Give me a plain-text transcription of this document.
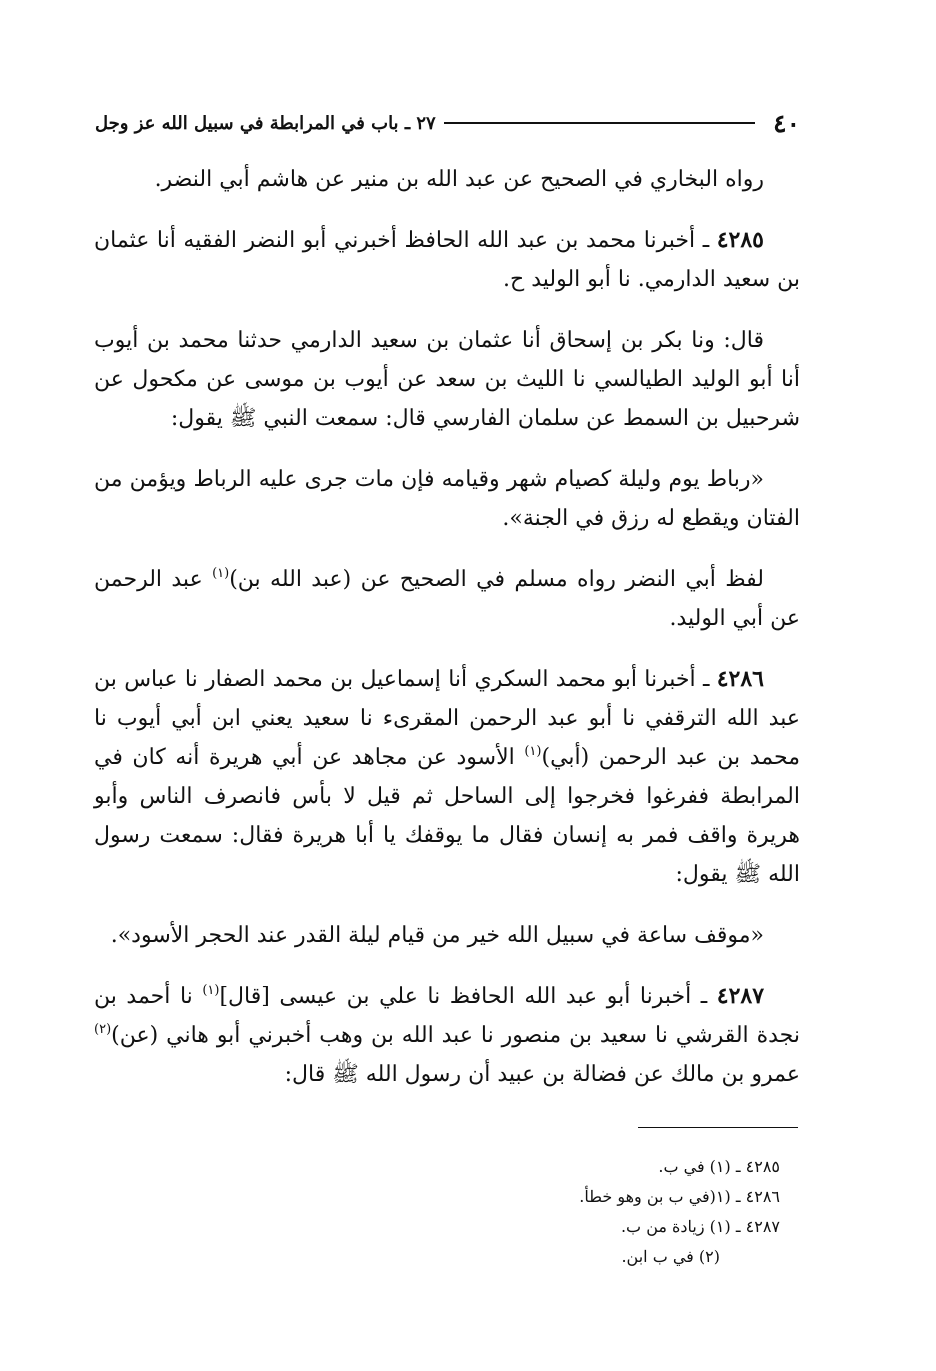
٤٠
٢٧ ـ باب في المرابطة في سبيل الله عز وجل

رواه البخاري في الصحيح عن عبد الله بن منير عن هاشم أبي النضر.

٤٢٨٥ ـ أخبرنا محمد بن عبد الله الحافظ أخبرني أبو النضر الفقيه أنا عثمان بن سعيد الدارمي. نا أبو الوليد ح.

قال: ونا بكر بن إسحاق أنا عثمان بن سعيد الدارمي حدثنا محمد بن أيوب أنا أبو الوليد الطيالسي نا الليث بن سعد عن أيوب بن موسى عن مكحول عن شرحبيل بن السمط عن سلمان الفارسي قال: سمعت النبي ﷺ يقول:

«رباط يوم وليلة كصيام شهر وقيامه فإن مات جرى عليه الرباط ويؤمن من الفتان ويقطع له رزق في الجنة».

لفظ أبي النضر رواه مسلم في الصحيح عن (عبد الله بن)$^{(١)}$ عبد الرحمن عن أبي الوليد.

٤٢٨٦ ـ أخبرنا أبو محمد السكري أنا إسماعيل بن محمد الصفار نا عباس بن عبد الله الترقفي نا أبو عبد الرحمن المقرىء نا سعيد يعني ابن أبي أيوب نا محمد بن عبد الرحمن (أبي)$^{(١)}$ الأسود عن مجاهد عن أبي هريرة أنه كان في المرابطة ففرغوا فخرجوا إلى الساحل ثم قيل لا بأس فانصرف الناس وأبو هريرة واقف فمر به إنسان فقال ما يوقفك يا أبا هريرة فقال: سمعت رسول الله ﷺ يقول:

«موقف ساعة في سبيل الله خير من قيام ليلة القدر عند الحجر الأسود».

٤٢٨٧ ـ أخبرنا أبو عبد الله الحافظ نا علي بن عيسى [قال]$^{(١)}$ نا أحمد بن نجدة القرشي نا سعيد بن منصور نا عبد الله بن وهب أخبرني أبو هاني (عن)$^{(٢)}$ عمرو بن مالك عن فضالة بن عبيد أن رسول الله ﷺ قال:

٤٢٨٥ ـ (١) في ب.
٤٢٨٦ ـ (١(في ب بن وهو خطأ.
٤٢٨٧ ـ (١) زيادة من ب.
(٢) في ب ابن.
